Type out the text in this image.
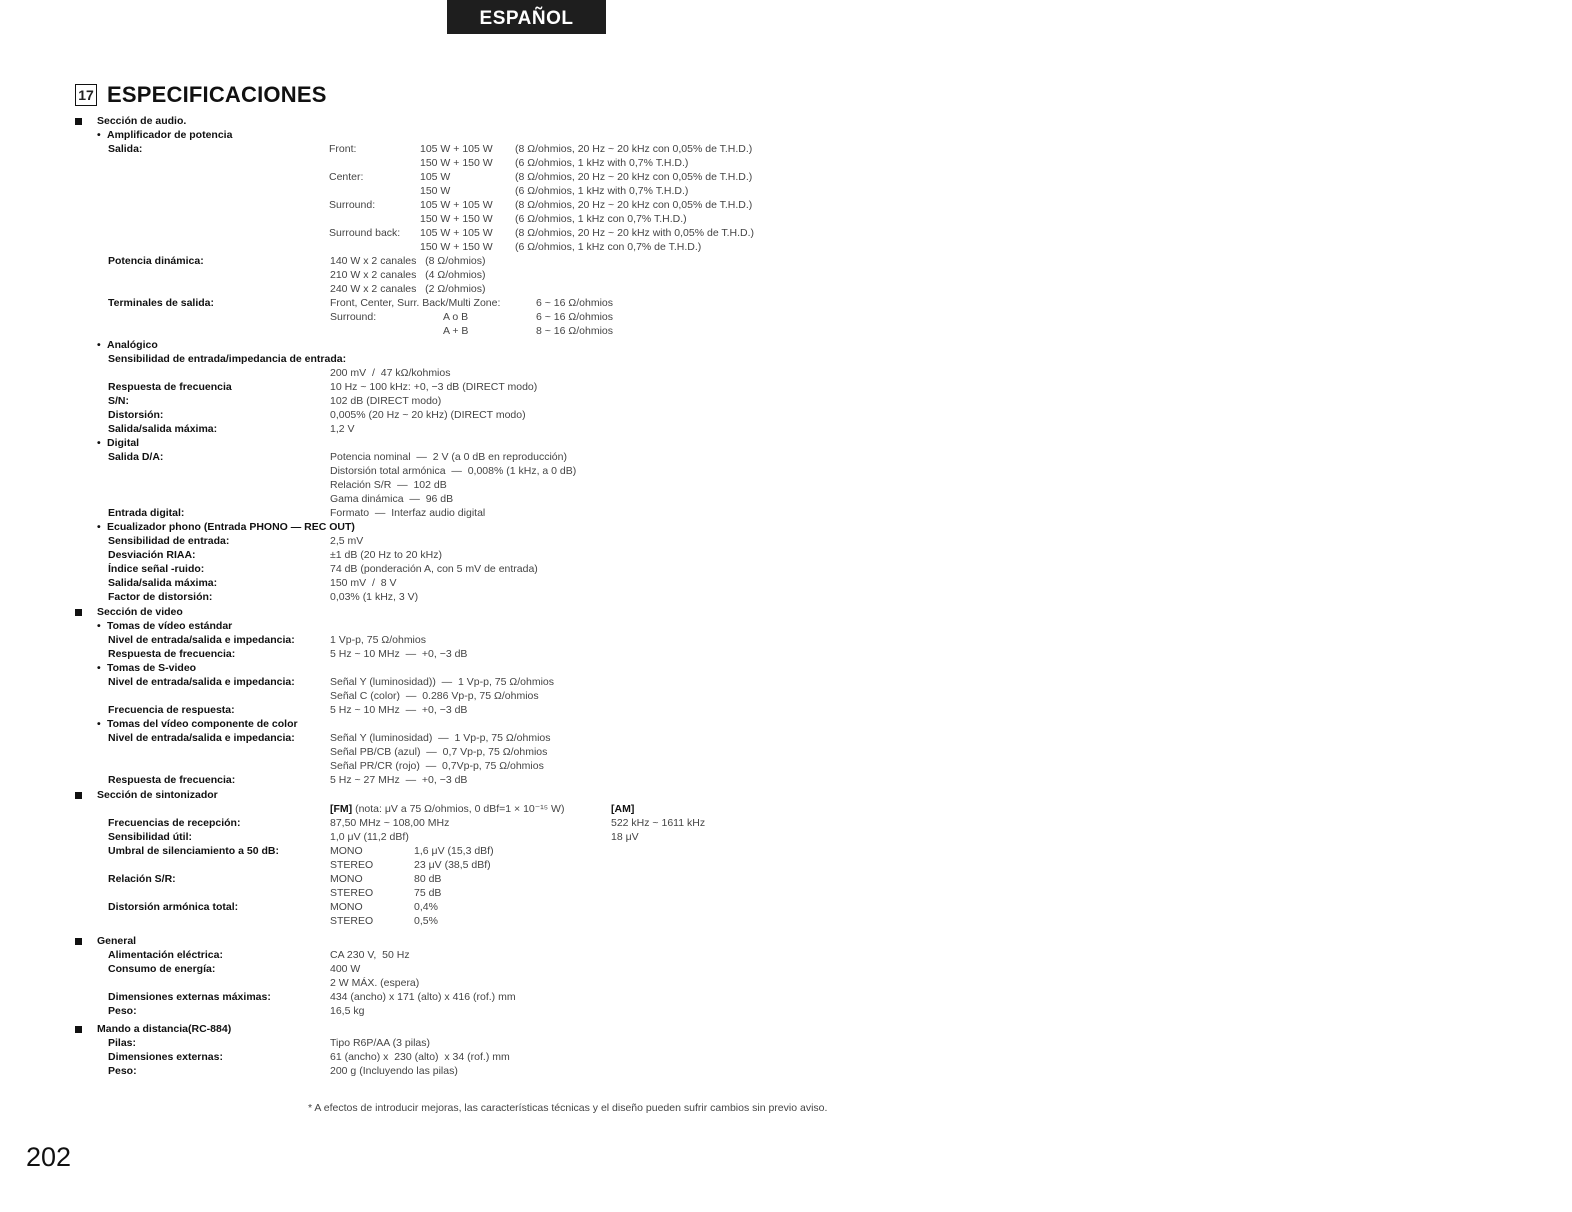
ESPAÑOL
17 ESPECIFICACIONES
Sección de audio.
• Amplificador de potencia
Salida:	Front:	105 W + 105 W (8 Ω/ohmios, 20 Hz ~ 20 kHz con 0,05% de T.H.D.)
150 W + 150 W (6 Ω/ohmios, 1 kHz with 0,7% T.H.D.)
Center:	105 W	(8 Ω/ohmios, 20 Hz ~ 20 kHz con 0,05% de T.H.D.)
150 W	(6 Ω/ohmios, 1 kHz with 0,7% T.H.D.)
Surround:	105 W + 105 W (8 Ω/ohmios, 20 Hz ~ 20 kHz con 0,05% de T.H.D.)
150 W + 150 W (6 Ω/ohmios, 1 kHz con 0,7% T.H.D.)
Surround back: 105 W + 105 W (8 Ω/ohmios, 20 Hz ~ 20 kHz with 0,05% de T.H.D.)
150 W + 150 W (6 Ω/ohmios, 1 kHz con 0,7% de T.H.D.)
Potencia dinámica:	140 W x 2 canales   (8 Ω/ohmios)
210 W x 2 canales   (4 Ω/ohmios)
240 W x 2 canales   (2 Ω/ohmios)
Terminales de salida:	Front, Center, Surr. Back/Multi Zone:	6 ~ 16 Ω/ohmios
Surround:	A o B	6 ~ 16 Ω/ohmios
A + B	8 ~ 16 Ω/ohmios
• Analógico
Sensibilidad de entrada/impedancia de entrada:
200 mV  /  47 kΩ/kohmios
Respuesta de frecuencia	10 Hz ~ 100 kHz: +0, −3 dB (DIRECT modo)
S/N:	102 dB (DIRECT modo)
Distorsión:	0,005% (20 Hz ~ 20 kHz) (DIRECT modo)
Salida/salida máxima:	1,2 V
• Digital
Salida D/A:	Potencia nominal  —  2 V (a 0 dB en reproducción)
Distorsión total armónica  —  0,008% (1 kHz, a 0 dB)
Relación S/R  —  102 dB
Gama dinámica  —  96 dB
Entrada digital:	Formato  —  Interfaz audio digital
• Ecualizador phono (Entrada PHONO — REC OUT)
Sensibilidad de entrada:	2,5 mV
Desviación RIAA:	±1 dB (20 Hz to 20 kHz)
Índice señal -ruido:	74 dB (ponderación A, con 5 mV de entrada)
Salida/salida máxima:	150 mV  /  8 V
Factor de distorsión:	0,03% (1 kHz, 3 V)
Sección de video
• Tomas de vídeo estándar
Nivel de entrada/salida e impedancia:	1 Vp-p, 75 Ω/ohmios
Respuesta de frecuencia:	5 Hz ~ 10 MHz  —  +0, −3 dB
• Tomas de S-video
Nivel de entrada/salida e impedancia:	Señal Y (luminosidad))  —  1 Vp-p, 75 Ω/ohmios
Señal C (color)  —  0.286 Vp-p, 75 Ω/ohmios
Frecuencia de respuesta:	5 Hz ~ 10 MHz  —  +0, −3 dB
• Tomas del vídeo componente de color
Nivel de entrada/salida e impedancia:	Señal Y (luminosidad)  —  1 Vp-p, 75 Ω/ohmios
Señal PB/CB (azul)  —  0,7 Vp-p, 75 Ω/ohmios
Señal PR/CR (rojo)  —  0,7Vp-p, 75 Ω/ohmios
Respuesta de frecuencia:	5 Hz ~ 27 MHz  —  +0, −3 dB
Sección de sintonizador
[FM] (nota: μV a 75 Ω/ohmios, 0 dBf=1 × 10⁻¹⁵ W)	[AM]
Frecuencias de recepción:	87,50 MHz ~ 108,00 MHz	522 kHz ~ 1611 kHz
Sensibilidad útil:	1,0 μV (11,2 dBf)	18 μV
Umbral de silenciamiento a 50 dB:	MONO	1,6 μV (15,3 dBf)
STEREO	23 μV (38,5 dBf)
Relación S/R:	MONO	80 dB
STEREO	75 dB
Distorsión armónica total:	MONO	0,4%
STEREO	0,5%
General
Alimentación eléctrica:	CA 230 V,  50 Hz
Consumo de energía:	400 W
2 W MÁX. (espera)
Dimensiones externas máximas:	434 (ancho) x 171 (alto) x 416 (rof.) mm
Peso:	16,5 kg
Mando a distancia(RC-884)
Pilas:	Tipo R6P/AA (3 pilas)
Dimensiones externas:	61 (ancho) x  230 (alto)  x 34 (rof.) mm
Peso:	200 g (Incluyendo las pilas)
* A efectos de introducir mejoras, las características técnicas y el diseño pueden sufrir cambios sin previo aviso.
202
